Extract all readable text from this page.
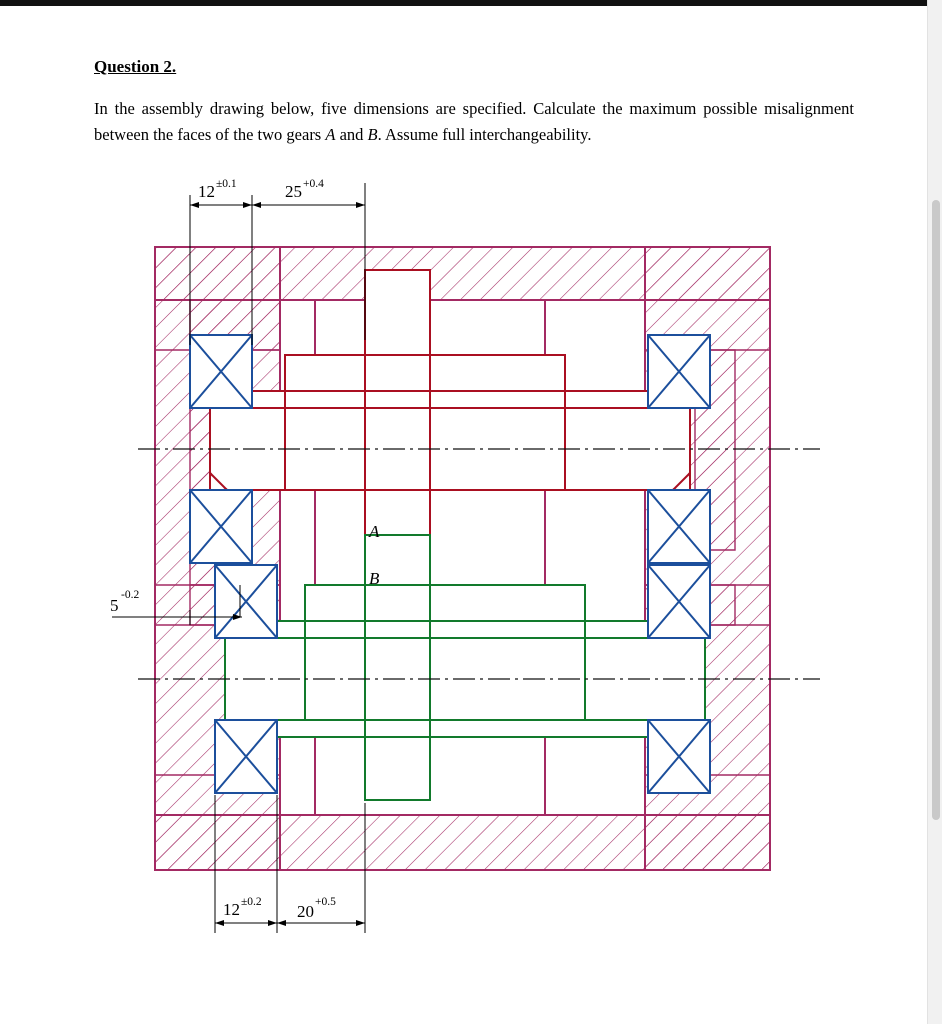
Question 2.
In the assembly drawing below, five dimensions are specified. Calculate the maximum possible misalignment between the faces of the two gears A and B. Assume full interchangeability.
12 ±0.1	25 +0.4
5
-0.2
12 ±0.2 20 +0.5
A
B
